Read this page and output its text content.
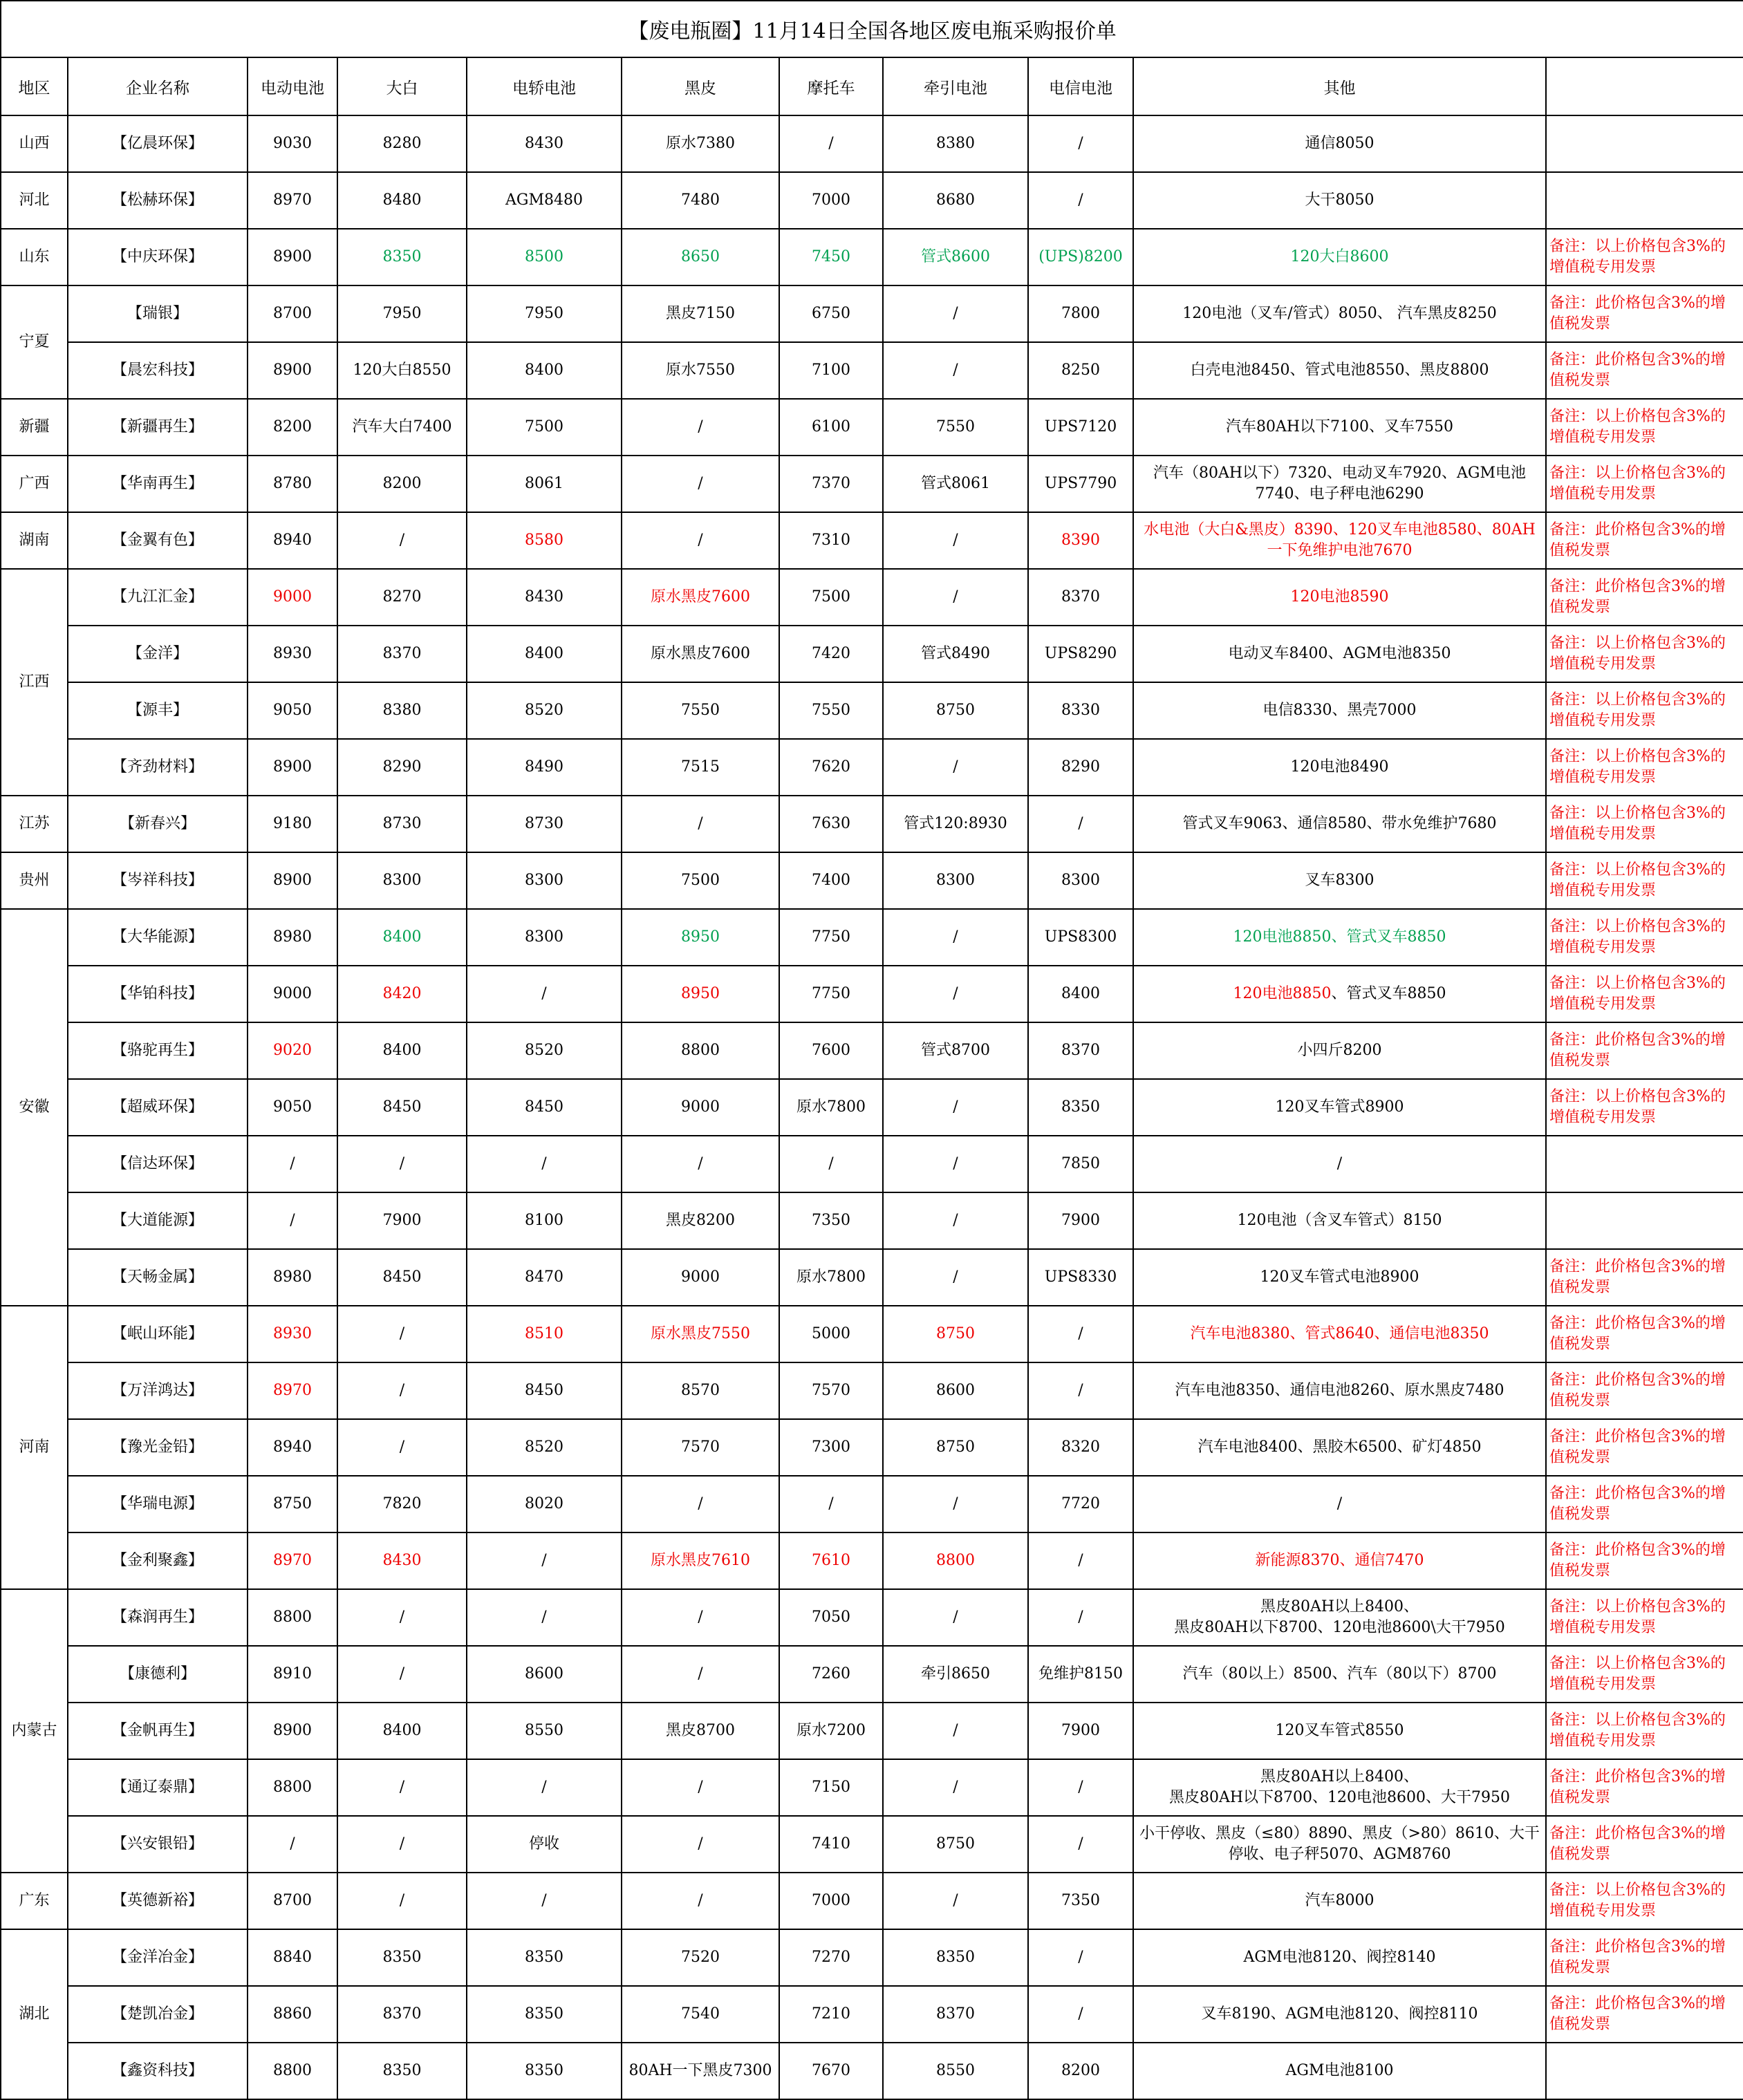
【废电瓶圈】11月14日全国各地区废电瓶采购报价单										
地区	企业名称	电动电池	大白	电轿电池	黑皮	摩托车	牵引电池	电信电池	其他	
山西	【亿晨环保】	9030	8280	8430	原水7380	/	8380	/	通信8050	
河北	【松赫环保】	8970	8480	AGM8480	7480	7000	8680	/	大干8050	
山东	【中庆环保】	8900	8350	8500	8650	7450	管式8600	(UPS)8200	120大白8600	备注：以上价格包含3%的增值税专用发票
宁夏	【瑞银】	8700	7950	7950	黑皮7150	6750	/	7800	120电池（叉车/管式）8050、 汽车黑皮8250	备注：此价格包含3%的增值税发票
	【晨宏科技】	8900	120大白8550	8400	原水7550	7100	/	8250	白壳电池8450、管式电池8550、黑皮8800	备注：此价格包含3%的增值税发票
新疆	【新疆再生】	8200	汽车大白7400	7500	/	6100	7550	UPS7120	汽车80AH以下7100、叉车7550	备注：以上价格包含3%的增值税专用发票
广西	【华南再生】	8780	8200	8061	/	7370	管式8061	UPS7790	汽车（80AH以下）7320、电动叉车7920、AGM电池7740、电子秤电池6290	备注：以上价格包含3%的增值税专用发票
湖南	【金翼有色】	8940	/	8580	/	7310	/	8390	水电池（大白&黑皮）8390、120叉车电池8580、80AH一下免维护电池7670	备注：此价格包含3%的增值税发票
江西	【九江汇金】	9000	8270	8430	原水黑皮7600	7500	/	8370	120电池8590	备注：此价格包含3%的增值税发票
	【金洋】	8930	8370	8400	原水黑皮7600	7420	管式8490	UPS8290	电动叉车8400、AGM电池8350	备注：以上价格包含3%的增值税专用发票
	【源丰】	9050	8380	8520	7550	7550	8750	8330	电信8330、黑壳7000	备注：以上价格包含3%的增值税专用发票
	【齐劲材料】	8900	8290	8490	7515	7620	/	8290	120电池8490	备注：以上价格包含3%的增值税专用发票
江苏	【新春兴】	9180	8730	8730	/	7630	管式120:8930	/	管式叉车9063、通信8580、带水免维护7680	备注：以上价格包含3%的增值税专用发票
贵州	【岑祥科技】	8900	8300	8300	7500	7400	8300	8300	叉车8300	备注：以上价格包含3%的增值税专用发票
安徽	【大华能源】	8980	8400	8300	8950	7750	/	UPS8300	120电池8850、管式叉车8850	备注：以上价格包含3%的增值税专用发票
	【华铂科技】	9000	8420	/	8950	7750	/	8400	120电池8850、管式叉车8850	备注：以上价格包含3%的增值税专用发票
	【骆驼再生】	9020	8400	8520	8800	7600	管式8700	8370	小四斤8200	备注：此价格包含3%的增值税发票
	【超威环保】	9050	8450	8450	9000	原水7800	/	8350	120叉车管式8900	备注：以上价格包含3%的增值税专用发票
	【信达环保】	/	/	/	/	/	/	7850	/	
	【大道能源】	/	7900	8100	黑皮8200	7350	/	7900	120电池（含叉车管式）8150	
	【天畅金属】	8980	8450	8470	9000	原水7800	/	UPS8330	120叉车管式电池8900	备注：此价格包含3%的增值税发票
河南	【岷山环能】	8930	/	8510	原水黑皮7550	5000	8750	/	汽车电池8380、管式8640、通信电池8350	备注：此价格包含3%的增值税发票
	【万洋鸿达】	8970	/	8450	8570	7570	8600	/	汽车电池8350、通信电池8260、原水黑皮7480	备注：此价格包含3%的增值税发票
	【豫光金铅】	8940	/	8520	7570	7300	8750	8320	汽车电池8400、黑胶木6500、矿灯4850	备注：此价格包含3%的增值税发票
	【华瑞电源】	8750	7820	8020	/	/	/	7720	/	备注：此价格包含3%的增值税发票
	【金利聚鑫】	8970	8430	/	原水黑皮7610	7610	8800	/	新能源8370、通信7470	备注：此价格包含3%的增值税发票
内蒙古	【森润再生】	8800	/	/	/	7050	/	/	黑皮80AH以上8400、
黑皮80AH以下8700、120电池8600\大干7950	备注：以上价格包含3%的增值税专用发票
	【康德利】	8910	/	8600	/	7260	牵引8650	免维护8150	汽车（80以上）8500、汽车（80以下）8700	备注：以上价格包含3%的增值税专用发票
	【金帆再生】	8900	8400	8550	黑皮8700	原水7200	/	7900	120叉车管式8550	备注：以上价格包含3%的增值税专用发票
	【通辽泰鼎】	8800	/	/	/	7150	/	/	黑皮80AH以上8400、
黑皮80AH以下8700、120电池8600、大干7950	备注：此价格包含3%的增值税发票
	【兴安银铅】	/	/	停收	/	7410	8750	/	小干停收、黑皮（≤80）8890、黑皮（>80）8610、大干停收、电子秤5070、AGM8760	备注：此价格包含3%的增值税发票
广东	【英德新裕】	8700	/	/	/	7000	/	7350	汽车8000	备注：以上价格包含3%的增值税专用发票
湖北	【金洋冶金】	8840	8350	8350	7520	7270	8350	/	AGM电池8120、阀控8140	备注：此价格包含3%的增值税发票
	【楚凯冶金】	8860	8370	8350	7540	7210	8370	/	叉车8190、AGM电池8120、阀控8110	备注：此价格包含3%的增值税发票
	【鑫资科技】	8800	8350	8350	80AH一下黑皮7300	7670	8550	8200	AGM电池8100	
